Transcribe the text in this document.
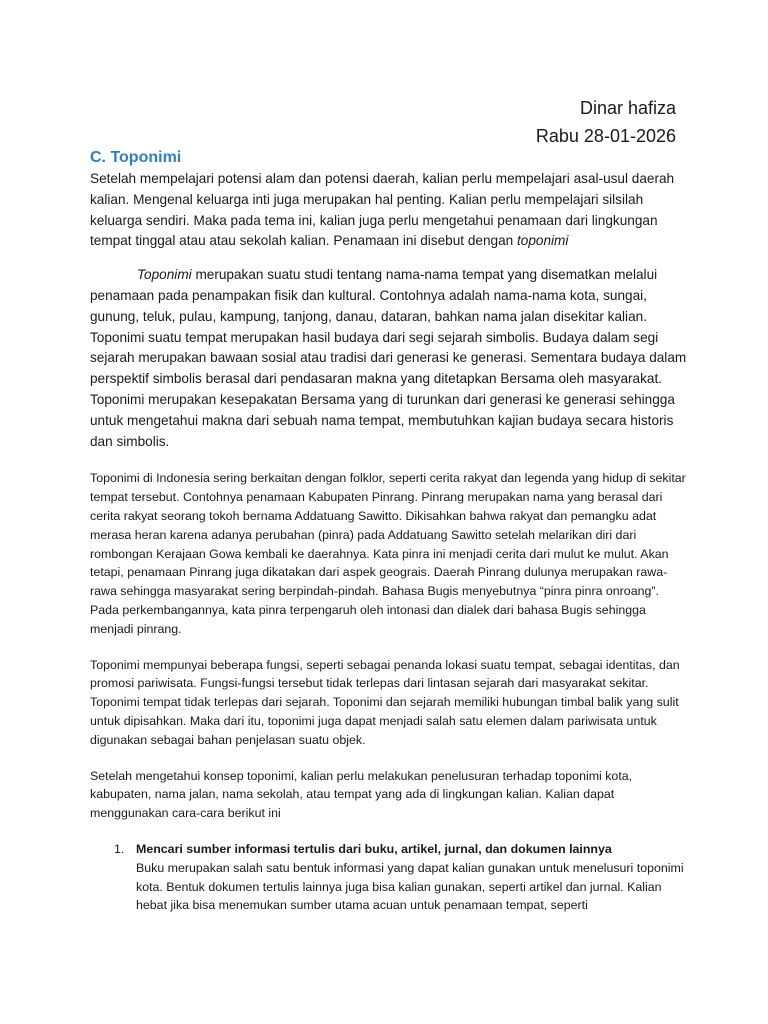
Dinar hafiza
Rabu 28-01-2026
C. Toponimi

Setelah mempelajari potensi alam dan potensi daerah, kalian perlu mempelajari asal-usul daerah kalian. Mengenal keluarga inti juga merupakan hal penting. Kalian perlu mempelajari silsilah keluarga sendiri. Maka pada tema ini, kalian juga perlu mengetahui penamaan dari lingkungan tempat tinggal atau atau sekolah kalian. Penamaan ini disebut dengan toponimi

Toponimi merupakan suatu studi tentang nama-nama tempat yang disematkan melalui penamaan pada penampakan fisik dan kultural. Contohnya adalah nama-nama kota, sungai, gunung, teluk, pulau, kampung, tanjong, danau, dataran, bahkan nama jalan disekitar kalian. Toponimi suatu tempat merupakan hasil budaya dari segi sejarah simbolis. Budaya dalam segi sejarah merupakan bawaan sosial atau tradisi dari generasi ke generasi. Sementara budaya dalam perspektif simbolis berasal dari pendasaran makna yang ditetapkan Bersama oleh masyarakat. Toponimi merupakan kesepakatan Bersama yang di turunkan dari generasi ke generasi sehingga untuk mengetahui makna dari sebuah nama tempat, membutuhkan kajian budaya secara historis dan simbolis.

Toponimi di Indonesia sering berkaitan dengan folklor, seperti cerita rakyat dan legenda yang hidup di sekitar tempat tersebut. Contohnya penamaan Kabupaten Pinrang. Pinrang merupakan nama yang berasal dari cerita rakyat seorang tokoh bernama Addatuang Sawitto. Dikisahkan bahwa rakyat dan pemangku adat merasa heran karena adanya perubahan (pinra) pada Addatuang Sawitto setelah melarikan diri dari rombongan Kerajaan Gowa kembali ke daerahnya. Kata pinra ini menjadi cerita dari mulut ke mulut. Akan tetapi, penamaan Pinrang juga dikatakan dari aspek geograis. Daerah Pinrang dulunya merupakan rawa-rawa sehingga masyarakat sering berpindah-pindah. Bahasa Bugis menyebutnya “pinra pinra onroang”. Pada perkembangannya, kata pinra terpengaruh oleh intonasi dan dialek dari bahasa Bugis sehingga menjadi pinrang.

Toponimi mempunyai beberapa fungsi, seperti sebagai penanda lokasi suatu tempat, sebagai identitas, dan promosi pariwisata. Fungsi-fungsi tersebut tidak terlepas dari lintasan sejarah dari masyarakat sekitar. Toponimi tempat tidak terlepas dari sejarah. Toponimi dan sejarah memiliki hubungan timbal balik yang sulit untuk dipisahkan. Maka dari itu, toponimi juga dapat menjadi salah satu elemen dalam pariwisata untuk digunakan sebagai bahan penjelasan suatu objek.

Setelah mengetahui konsep toponimi, kalian perlu melakukan penelusuran terhadap toponimi kota, kabupaten, nama jalan, nama sekolah, atau tempat yang ada di lingkungan kalian. Kalian dapat menggunakan cara-cara berikut ini

1. Mencari sumber informasi tertulis dari buku, artikel, jurnal, dan dokumen lainnya
Buku merupakan salah satu bentuk informasi yang dapat kalian gunakan untuk menelusuri toponimi kota. Bentuk dokumen tertulis lainnya juga bisa kalian gunakan, seperti artikel dan jurnal. Kalian hebat jika bisa menemukan sumber utama acuan untuk penamaan tempat, seperti
